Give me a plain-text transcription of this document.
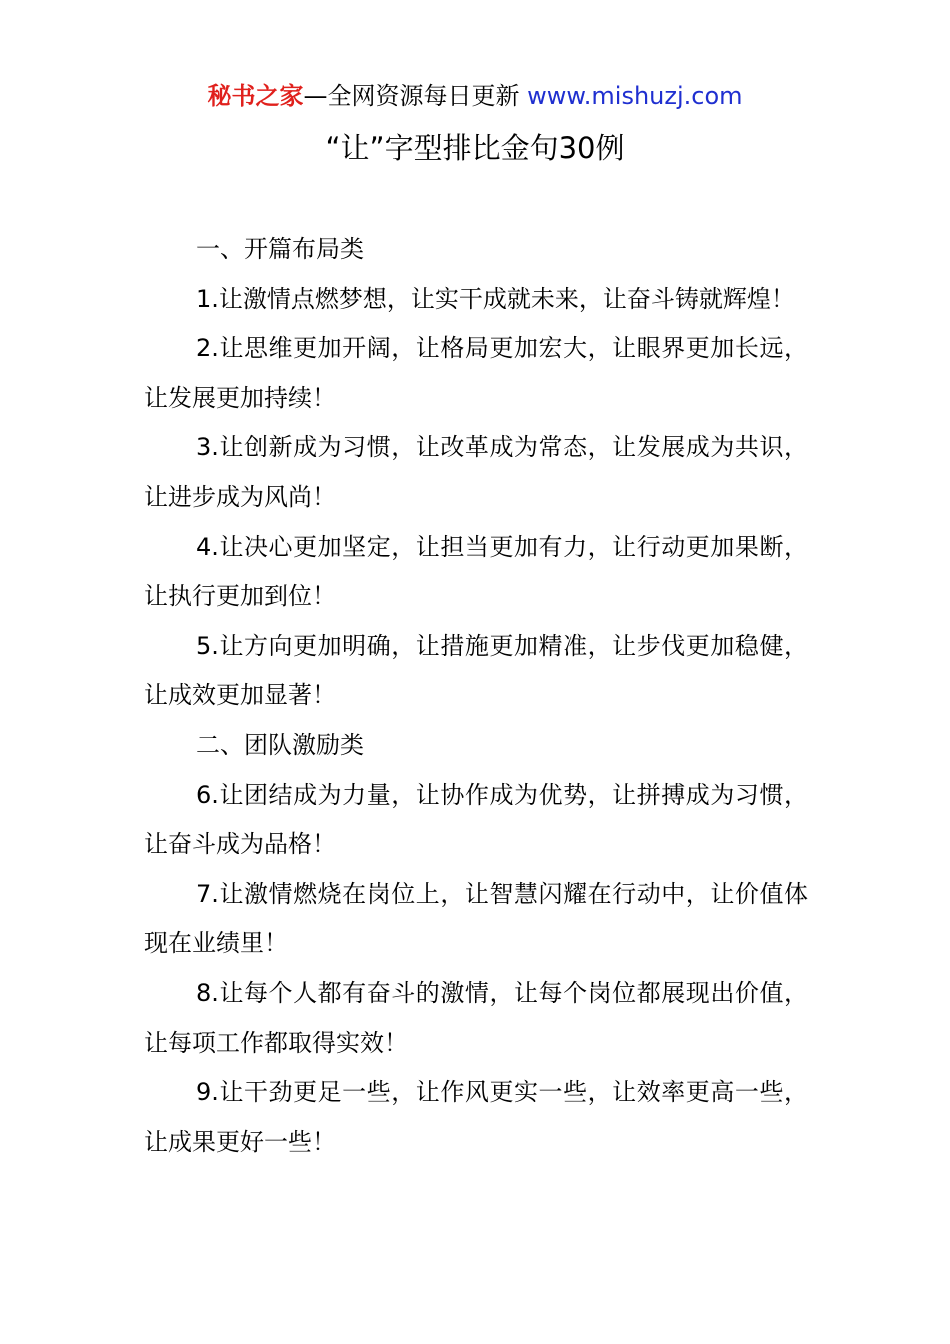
秘书之家—全网资源每日更新 www.mishuzj.com
“让”字型排比金句30例

一、开篇布局类

1.让激情点燃梦想，让实干成就未来，让奋斗铸就辉煌！

2.让思维更加开阔，让格局更加宏大，让眼界更加长远，让发展更加持续！

3.让创新成为习惯，让改革成为常态，让发展成为共识，让进步成为风尚！

4.让决心更加坚定，让担当更加有力，让行动更加果断，让执行更加到位！

5.让方向更加明确，让措施更加精准，让步伐更加稳健，让成效更加显著！

二、团队激励类

6.让团结成为力量，让协作成为优势，让拼搏成为习惯，让奋斗成为品格！

7.让激情燃烧在岗位上，让智慧闪耀在行动中，让价值体现在业绩里！

8.让每个人都有奋斗的激情，让每个岗位都展现出价值，让每项工作都取得实效！

9.让干劲更足一些，让作风更实一些，让效率更高一些，让成果更好一些！
